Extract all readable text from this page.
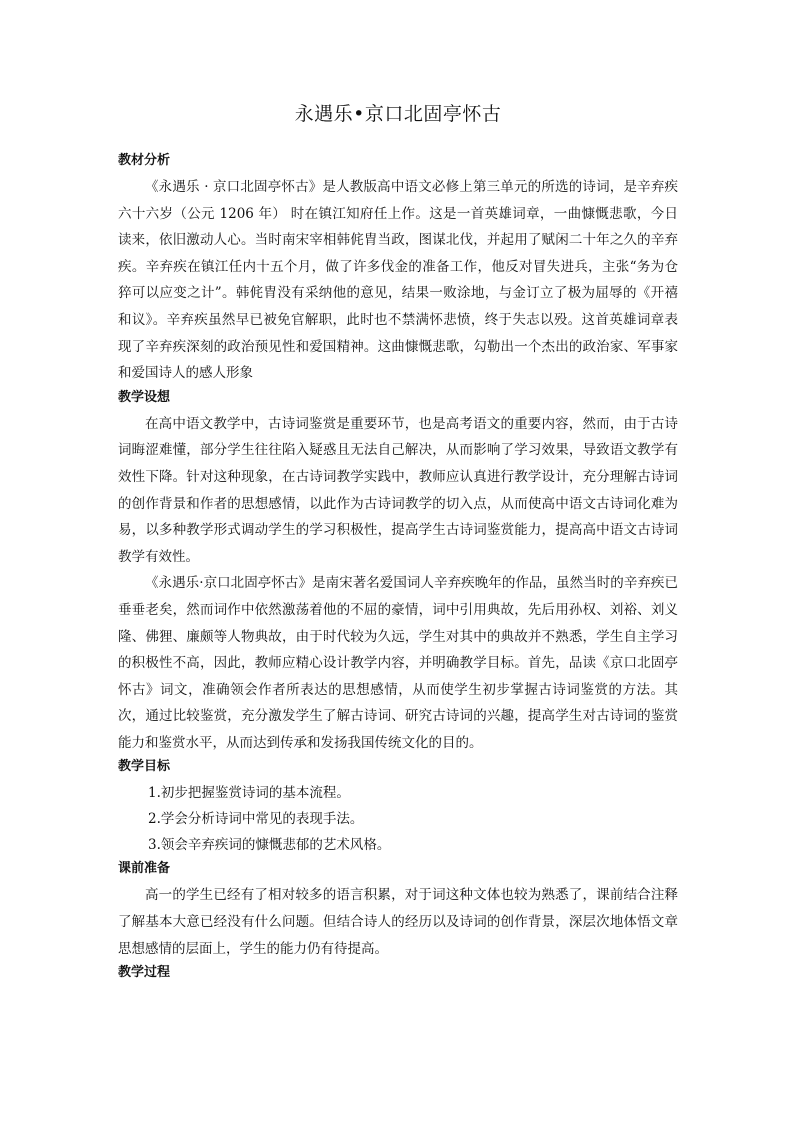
永遇乐•京口北固亭怀古
教材分析

《永遇乐 · 京口北固亭怀古》是人教版高中语文必修上第三单元的所选的诗词，是辛弃疾六十六岁（公元 1206 年） 时在镇江知府任上作。这是一首英雄词章，一曲慷慨悲歌，今日读来，依旧激动人心。当时南宋宰相韩侂胄当政，图谋北伐，并起用了赋闲二十年之久的辛弃疾。辛弃疾在镇江任内十五个月，做了许多伐金的准备工作，他反对冒失进兵，主张“务为仓猝可以应变之计”。韩侂胄没有采纳他的意见，结果一败涂地，与金订立了极为屈辱的《开禧和议》。辛弃疾虽然早已被免官解职，此时也不禁满怀悲愤，终于失志以殁。这首英雄词章表现了辛弃疾深刻的政治预见性和爱国精神。这曲慷慨悲歌，勾勒出一个杰出的政治家、军事家和爱国诗人的感人形象

教学设想

在高中语文教学中，古诗词鉴赏是重要环节，也是高考语文的重要内容，然而，由于古诗词晦涩难懂，部分学生往往陷入疑惑且无法自己解决，从而影响了学习效果，导致语文教学有效性下降。针对这种现象，在古诗词教学实践中，教师应认真进行教学设计，充分理解古诗词的创作背景和作者的思想感情，以此作为古诗词教学的切入点，从而使高中语文古诗词化难为易，以多种教学形式调动学生的学习积极性，提高学生古诗词鉴赏能力，提高高中语文古诗词教学有效性。

《永遇乐·京口北固亭怀古》是南宋著名爱国词人辛弃疾晚年的作品，虽然当时的辛弃疾已垂垂老矣，然而词作中依然激荡着他的不屈的豪情，词中引用典故，先后用孙权、刘裕、刘义隆、佛狸、廉颇等人物典故，由于时代较为久远，学生对其中的典故并不熟悉，学生自主学习的积极性不高，因此，教师应精心设计教学内容，并明确教学目标。首先，品读《京口北固亭怀古》词文，准确领会作者所表达的思想感情，从而使学生初步掌握古诗词鉴赏的方法。其次，通过比较鉴赏，充分激发学生了解古诗词、研究古诗词的兴趣，提高学生对古诗词的鉴赏能力和鉴赏水平，从而达到传承和发扬我国传统文化的目的。

教学目标

1.初步把握鉴赏诗词的基本流程。

2.学会分析诗词中常见的表现手法。

3.领会辛弃疾词的慷慨悲郁的艺术风格。

课前准备

高一的学生已经有了相对较多的语言积累，对于词这种文体也较为熟悉了，课前结合注释了解基本大意已经没有什么问题。但结合诗人的经历以及诗词的创作背景，深层次地体悟文章思想感情的层面上，学生的能力仍有待提高。

教学过程
